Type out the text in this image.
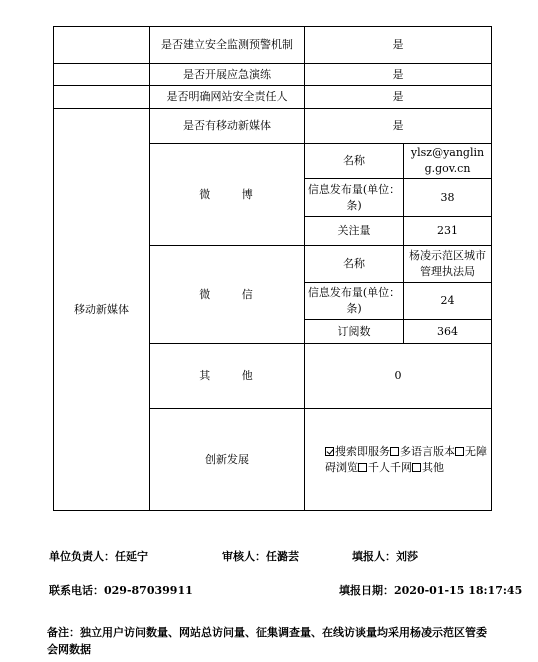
	是否建立安全监测预警机制	是	
	是否开展应急演练	是	
	是否明确网站安全责任人	是	
移动新媒体	是否有移动新媒体	是	
	微 博	名称	ylsz@yangling.gov.cn
		信息发布量(单位：条)	38
		关注量	231
	微 信	名称	杨凌示范区城市管理执法局
		信息发布量(单位：条)	24
		订阅数	364
	其 他	0	
	创新发展	搜索即服务 多语言版本 无障碍浏览 千人千网 其他	
单位负责人：任延宁	审核人：任潞芸	填报人：刘莎
联系电话：029-87039911	填报日期：2020-01-15 18:17:45
备注：独立用户访问数量、网站总访问量、征集调查量、在线访谈量均采用杨凌示范区管委会网数据
